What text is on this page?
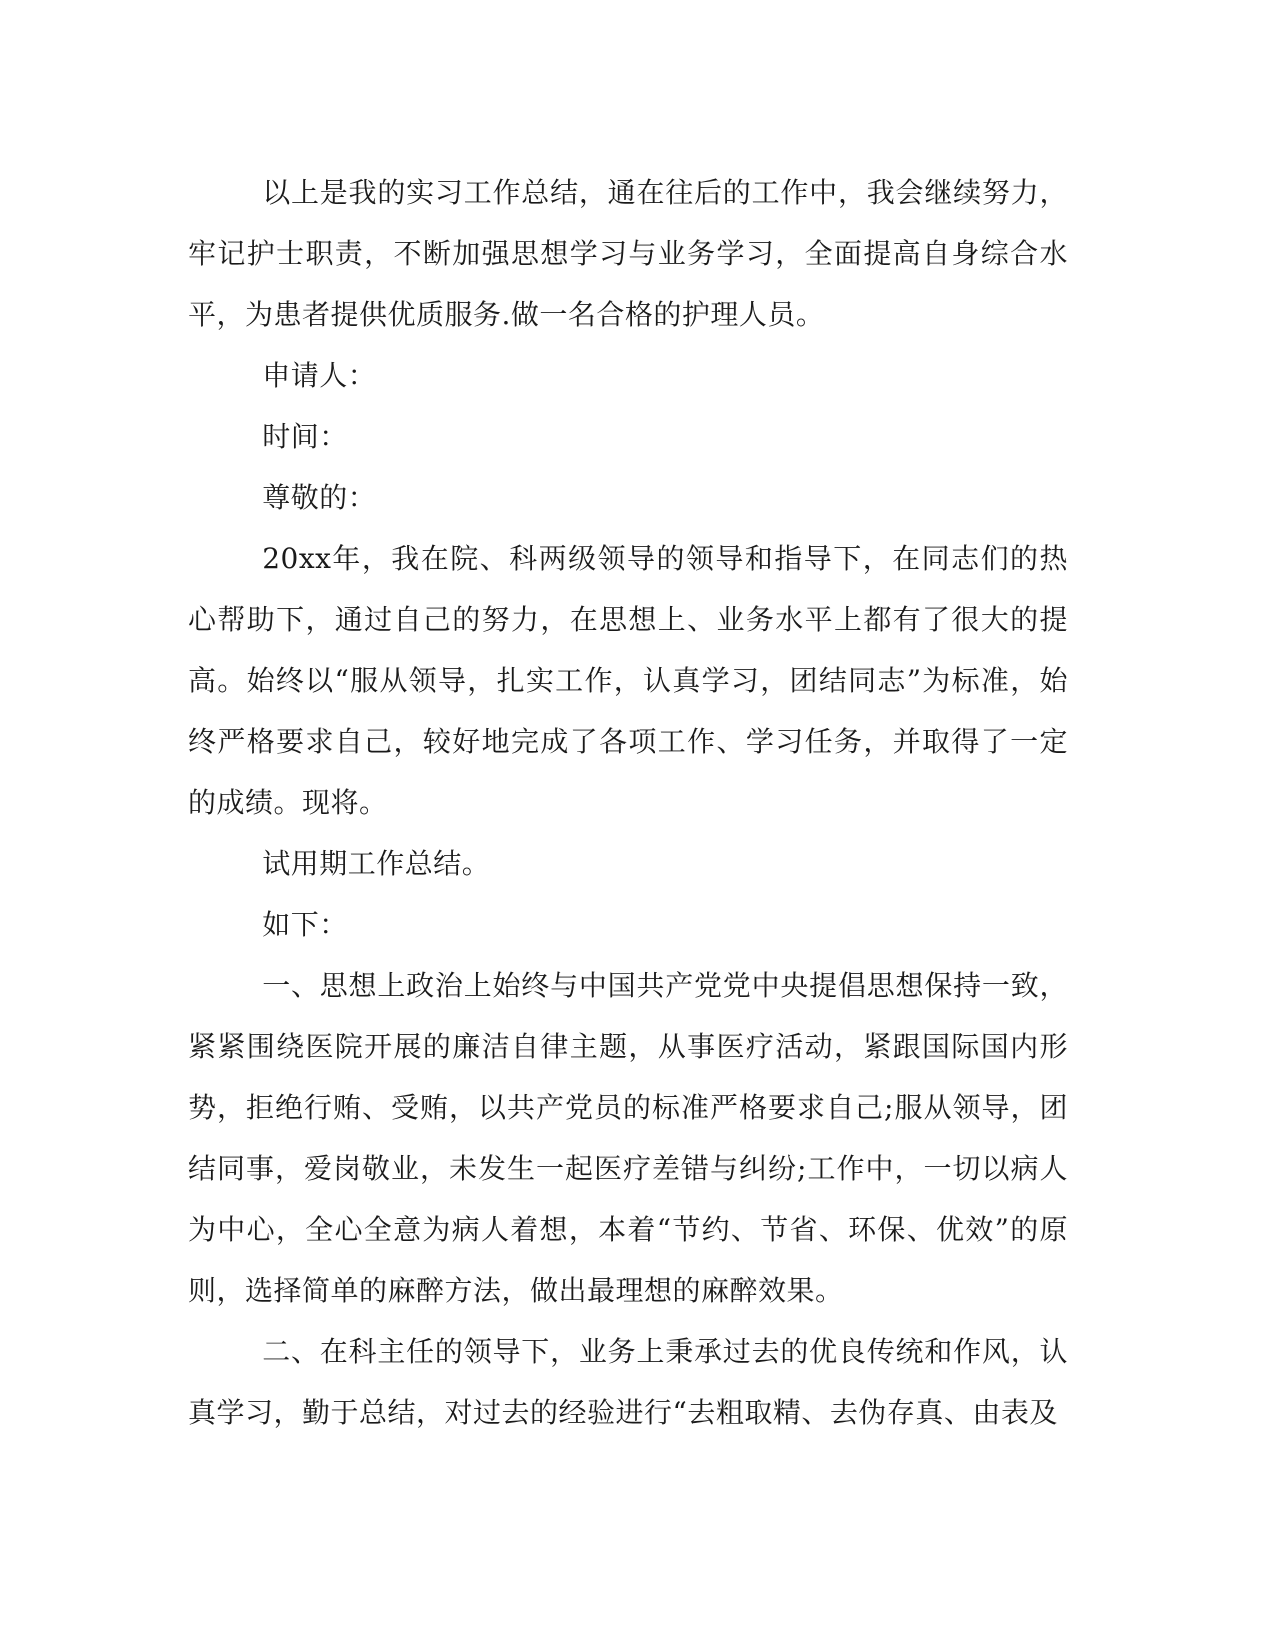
以上是我的实习工作总结，通在往后的工作中，我会继续努力，牢记护士职责，不断加强思想学习与业务学习，全面提高自身综合水平，为患者提供优质服务.做一名合格的护理人员。

申请人：

时间：

尊敬的：

20xx年，我在院、科两级领导的领导和指导下，在同志们的热心帮助下，通过自己的努力，在思想上、业务水平上都有了很大的提高。始终以“服从领导，扎实工作，认真学习，团结同志”为标准，始终严格要求自己，较好地完成了各项工作、学习任务，并取得了一定的成绩。现将。

试用期工作总结。

如下：

一、思想上政治上始终与中国共产党党中央提倡思想保持一致，紧紧围绕医院开展的廉洁自律主题，从事医疗活动，紧跟国际国内形势，拒绝行贿、受贿，以共产党员的标准严格要求自己;服从领导，团结同事，爱岗敬业，未发生一起医疗差错与纠纷;工作中，一切以病人为中心，全心全意为病人着想，本着“节约、节省、环保、优效”的原则，选择简单的麻醉方法，做出最理想的麻醉效果。

二、在科主任的领导下，业务上秉承过去的优良传统和作风，认真学习，勤于总结，对过去的经验进行“去粗取精、去伪存真、由表及
